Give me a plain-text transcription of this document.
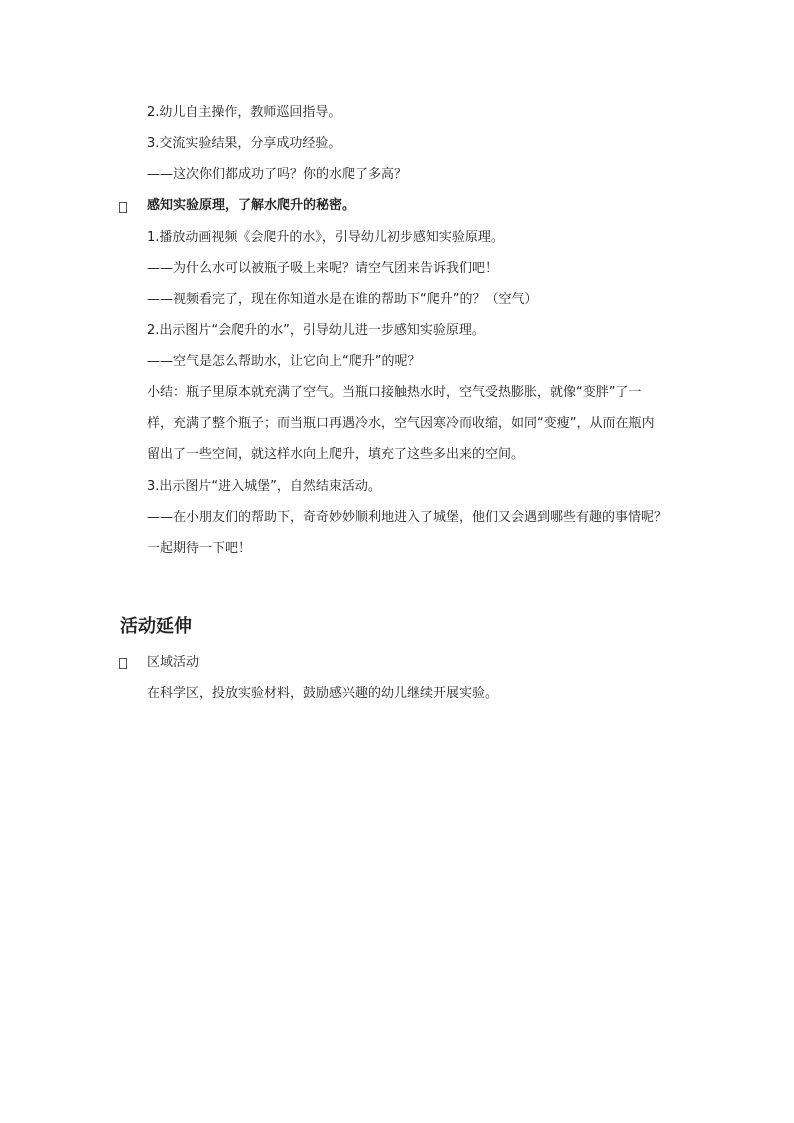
2.幼儿自主操作，教师巡回指导。
3.交流实验结果，分享成功经验。
——这次你们都成功了吗？你的水爬了多高？
感知实验原理，了解水爬升的秘密。
1.播放动画视频《会爬升的水》，引导幼儿初步感知实验原理。
——为什么水可以被瓶子吸上来呢？请空气团来告诉我们吧！
——视频看完了，现在你知道水是在谁的帮助下“爬升”的？（空气）
2.出示图片“会爬升的水”，引导幼儿进一步感知实验原理。
——空气是怎么帮助水，让它向上“爬升”的呢？
小结：瓶子里原本就充满了空气。当瓶口接触热水时，空气受热膨胀，就像“变胖”了一
样，充满了整个瓶子；而当瓶口再遇冷水，空气因寒冷而收缩，如同“变瘦”，从而在瓶内
留出了一些空间，就这样水向上爬升，填充了这些多出来的空间。
3.出示图片“进入城堡”，自然结束活动。
——在小朋友们的帮助下，奇奇妙妙顺利地进入了城堡，他们又会遇到哪些有趣的事情呢？
一起期待一下吧！
活动延伸
区域活动
在科学区，投放实验材料，鼓励感兴趣的幼儿继续开展实验。
